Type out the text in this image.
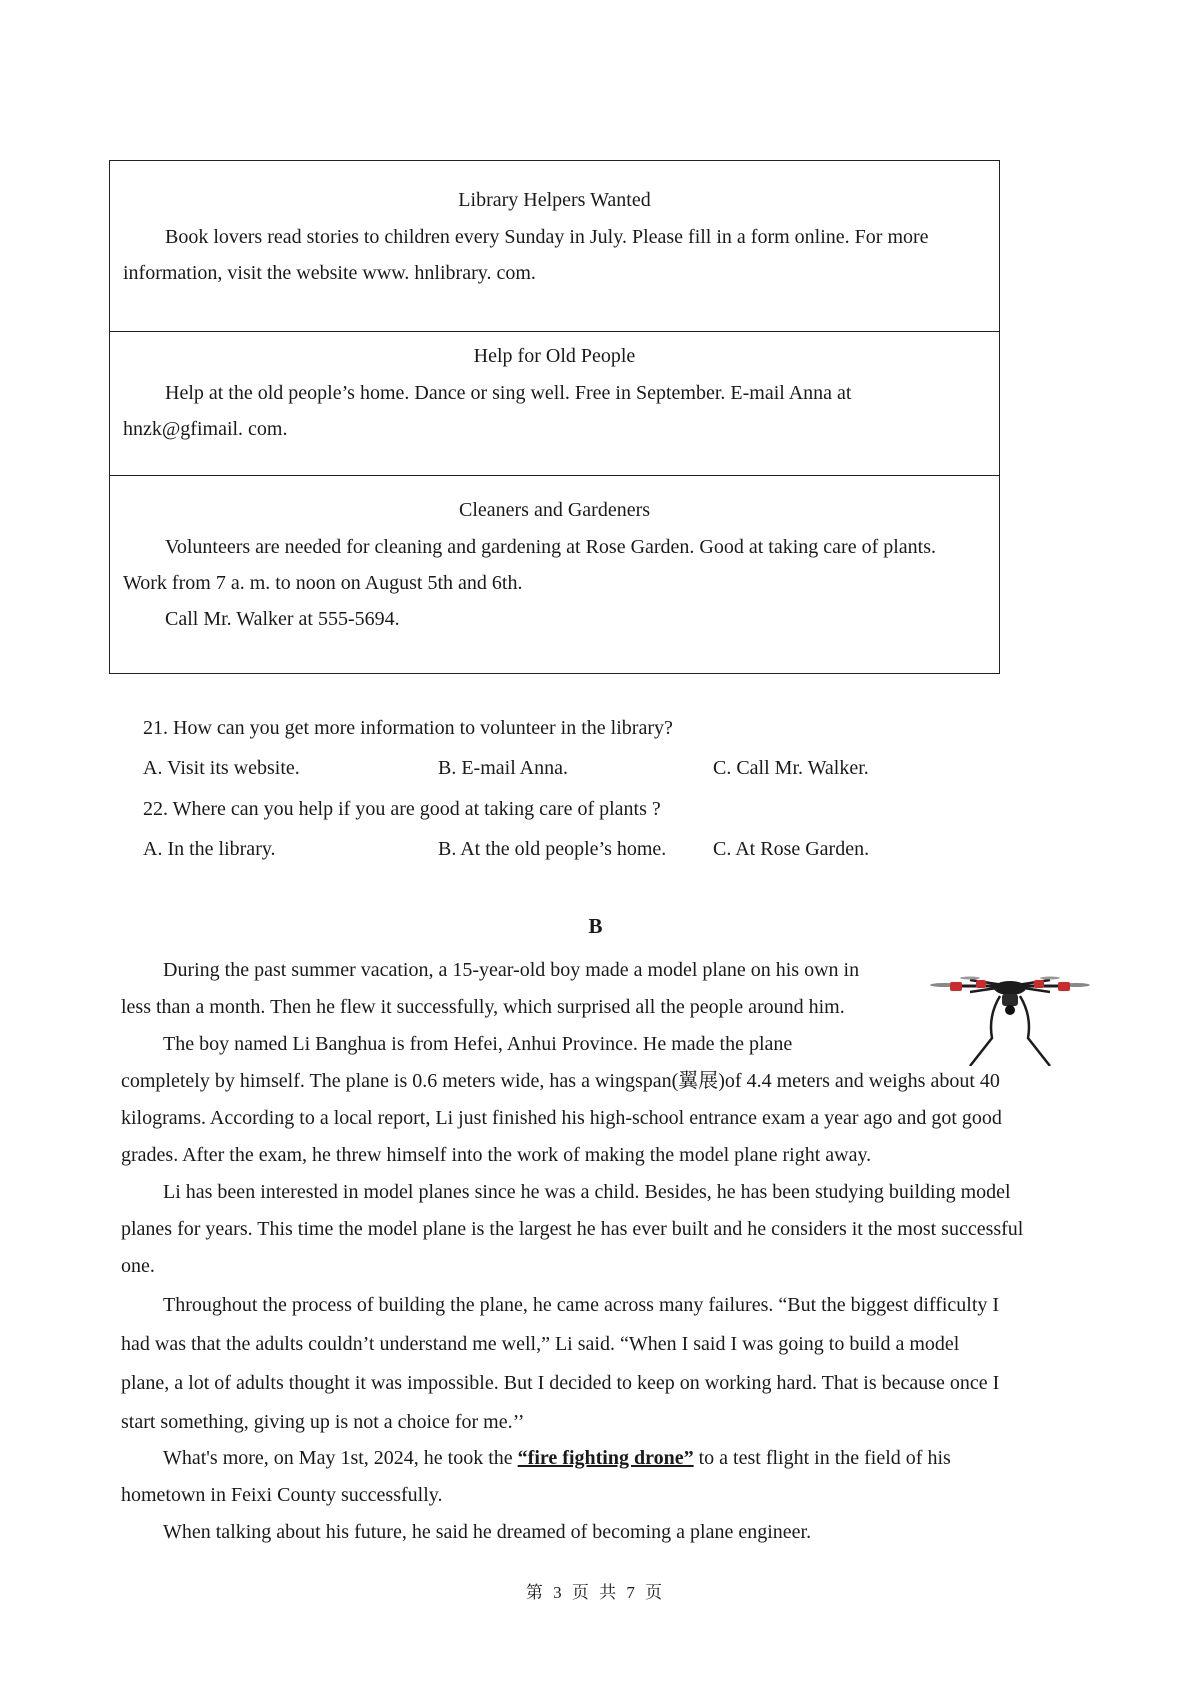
Library Helpers Wanted
Book lovers read stories to children every Sunday in July. Please fill in a form online. For more
information, visit the website www. hnlibrary. com.
Help for Old People
Help at the old people’s home. Dance or sing well. Free in September. E-mail Anna at
hnzk@gfimail. com.
Cleaners and Gardeners
Volunteers are needed for cleaning and gardening at Rose Garden. Good at taking care of plants.
Work from 7 a. m. to noon on August 5th and 6th.
Call Mr. Walker at 555-5694.
21. How can you get more information to volunteer in the library?
A. Visit its website.	B. E-mail Anna.	C. Call Mr. Walker.
22. Where can you help if you are good at taking care of plants ?
A. In the library.	B. At the old people’s home. C. At Rose Garden.
B
During the past summer vacation, a 15-year-old boy made a model plane on his own in
less than a month. Then he flew it successfully, which surprised all the people around him.
The boy named Li Banghua is from Hefei, Anhui Province. He made the plane
completely by himself. The plane is 0.6 meters wide, has a wingspan(翼展)of 4.4 meters and weighs about 40
kilograms. According to a local report, Li just finished his high-school entrance exam a year ago and got good
grades. After the exam, he threw himself into the work of making the model plane right away.
Li has been interested in model planes since he was a child. Besides, he has been studying building model
planes for years. This time the model plane is the largest he has ever built and he considers it the most successful
one.
Throughout the process of building the plane, he came across many failures. “But the biggest difficulty I
had was that the adults couldn’t understand me well,” Li said. “When I said I was going to build a model
plane, a lot of adults thought it was impossible. But I decided to keep on working hard. That is because once I
start something, giving up is not a choice for me.’’
What's more, on May 1st, 2024, he took the “fire fighting drone” to a test flight in the field of his
hometown in Feixi County successfully.
When talking about his future, he said he dreamed of becoming a plane engineer.
第 3 页 共 7 页
